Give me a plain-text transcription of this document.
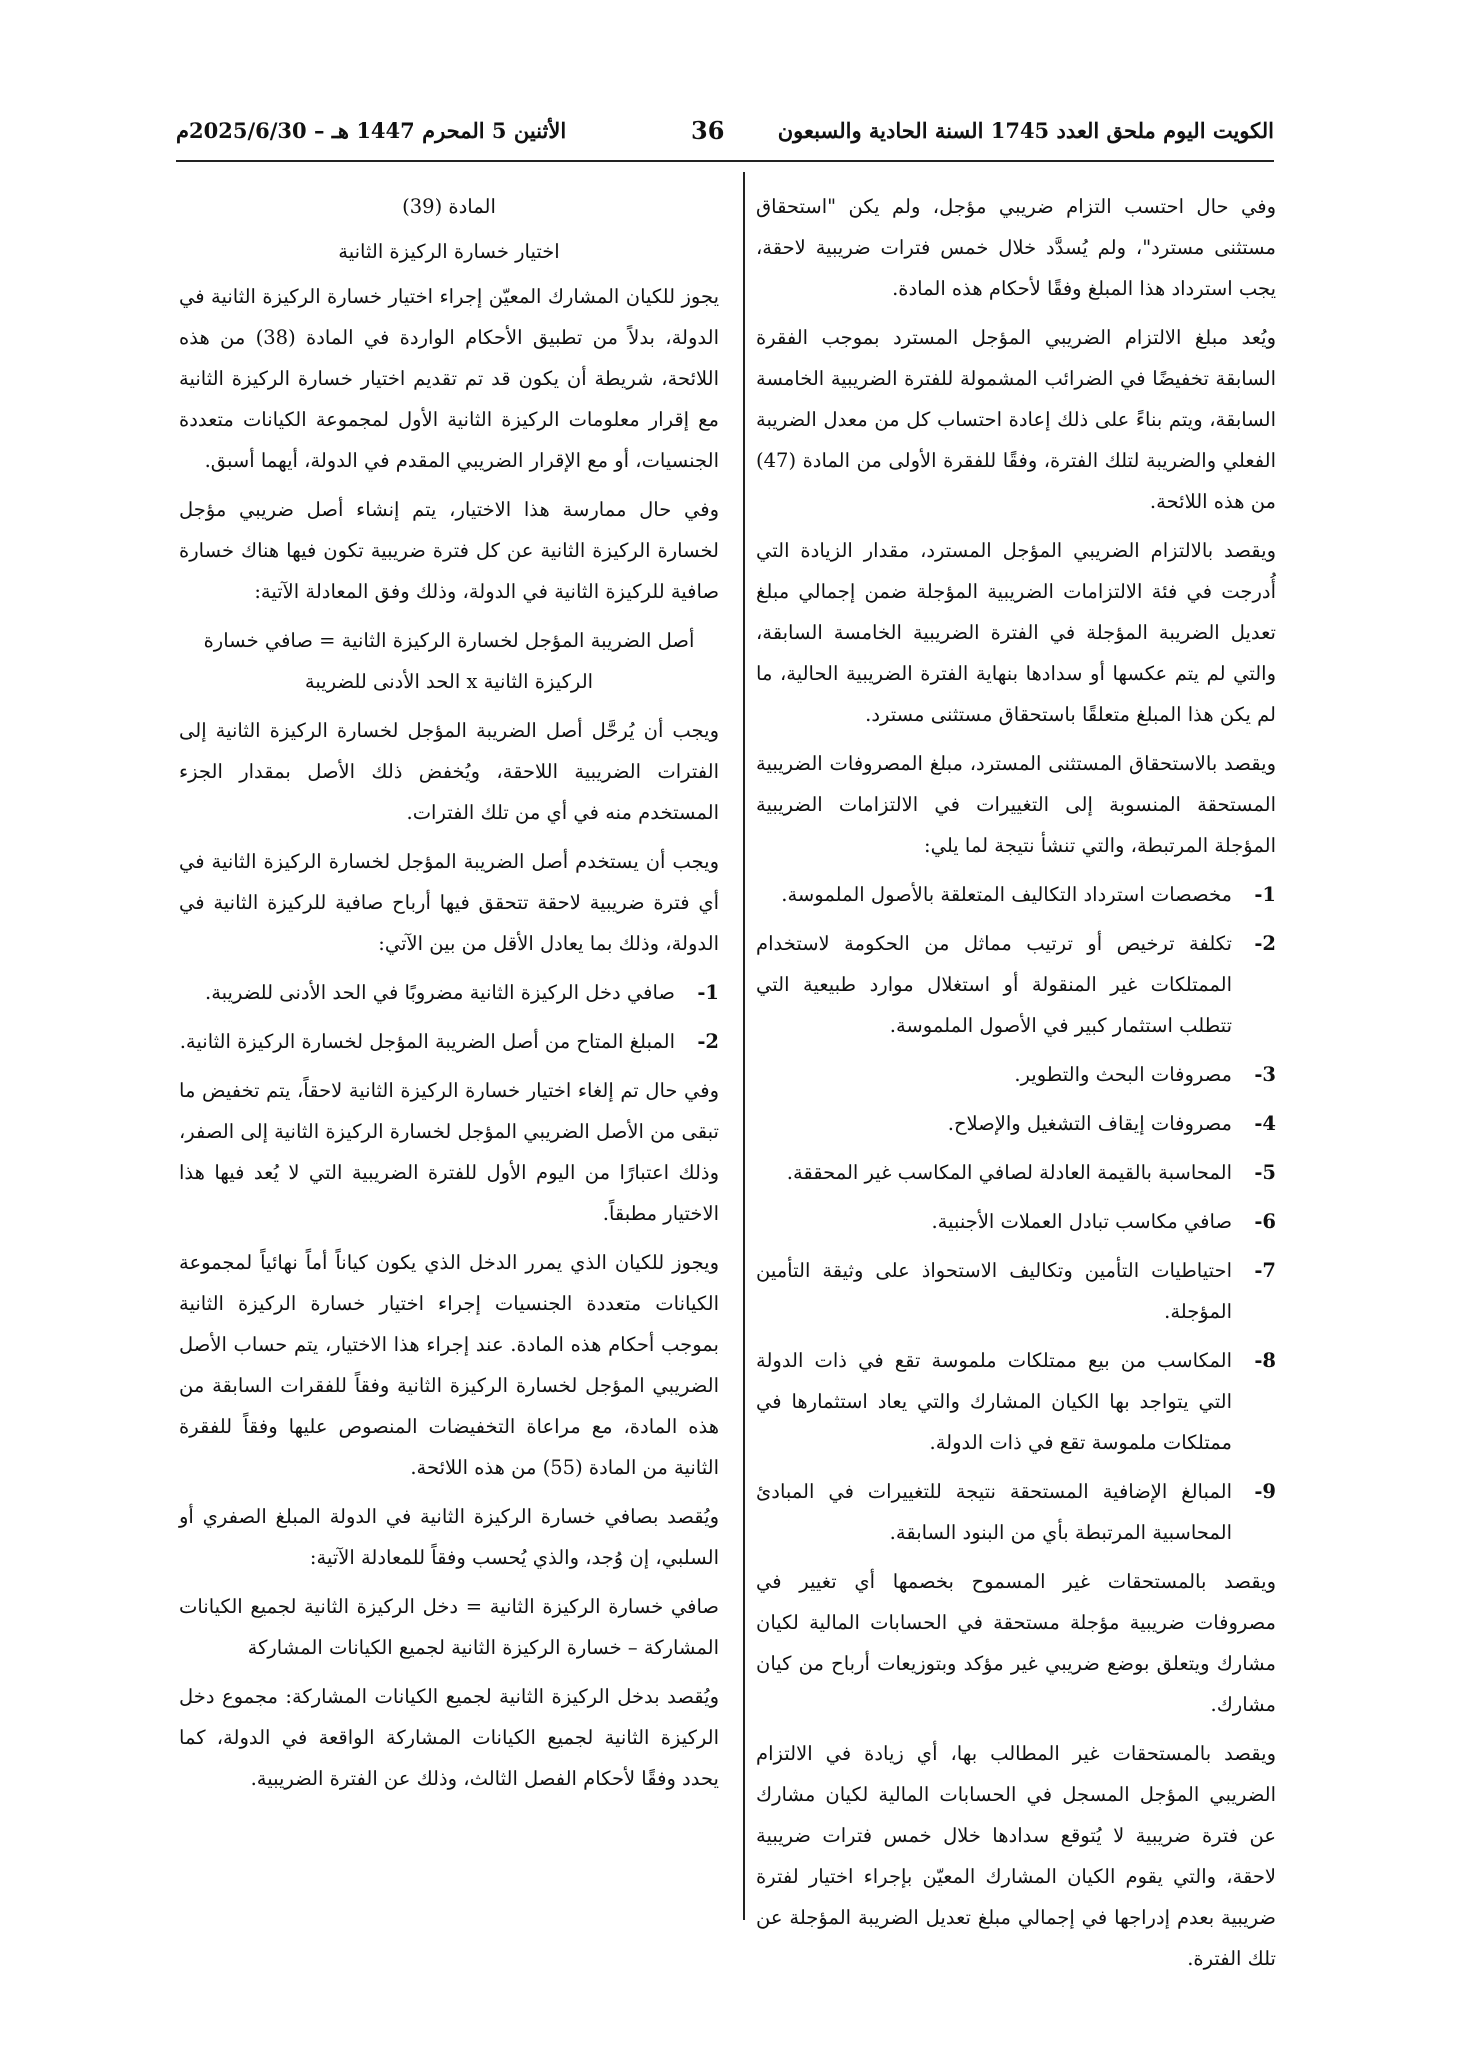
الكويت اليوم ملحق العدد 1745 السنة الحادية والسبعون
36
الأثنين 5 المحرم 1447 هـ – 2025/6/30م

وفي حال احتسب التزام ضريبي مؤجل، ولم يكن "استحقاق مستثنى مسترد"، ولم يُسدَّد خلال خمس فترات ضريبية لاحقة، يجب استرداد هذا المبلغ وفقًا لأحكام هذه المادة.

ويُعد مبلغ الالتزام الضريبي المؤجل المسترد بموجب الفقرة السابقة تخفيضًا في الضرائب المشمولة للفترة الضريبية الخامسة السابقة، ويتم بناءً على ذلك إعادة احتساب كل من معدل الضريبة الفعلي والضريبة لتلك الفترة، وفقًا للفقرة الأولى من المادة (47) من هذه اللائحة.

ويقصد بالالتزام الضريبي المؤجل المسترد، مقدار الزيادة التي أُدرجت في فئة الالتزامات الضريبية المؤجلة ضمن إجمالي مبلغ تعديل الضريبة المؤجلة في الفترة الضريبية الخامسة السابقة، والتي لم يتم عكسها أو سدادها بنهاية الفترة الضريبية الحالية، ما لم يكن هذا المبلغ متعلقًا باستحقاق مستثنى مسترد.

ويقصد بالاستحقاق المستثنى المسترد، مبلغ المصروفات الضريبية المستحقة المنسوبة إلى التغييرات في الالتزامات الضريبية المؤجلة المرتبطة، والتي تنشأ نتيجة لما يلي:

1-
مخصصات استرداد التكاليف المتعلقة بالأصول الملموسة.
2-
تكلفة ترخيص أو ترتيب مماثل من الحكومة لاستخدام الممتلكات غير المنقولة أو استغلال موارد طبيعية التي تتطلب استثمار كبير في الأصول الملموسة.
3-
مصروفات البحث والتطوير.
4-
مصروفات إيقاف التشغيل والإصلاح.
5-
المحاسبة بالقيمة العادلة لصافي المكاسب غير المحققة.
6-
صافي مكاسب تبادل العملات الأجنبية.
7-
احتياطيات التأمين وتكاليف الاستحواذ على وثيقة التأمين المؤجلة.
8-
المكاسب من بيع ممتلكات ملموسة تقع في ذات الدولة التي يتواجد بها الكيان المشارك والتي يعاد استثمارها في ممتلكات ملموسة تقع في ذات الدولة.
9-
المبالغ الإضافية المستحقة نتيجة للتغييرات في المبادئ المحاسبية المرتبطة بأي من البنود السابقة.

ويقصد بالمستحقات غير المسموح بخصمها أي تغيير في مصروفات ضريبية مؤجلة مستحقة في الحسابات المالية لكيان مشارك ويتعلق بوضع ضريبي غير مؤكد وبتوزيعات أرباح من كيان مشارك.

ويقصد بالمستحقات غير المطالب بها، أي زيادة في الالتزام الضريبي المؤجل المسجل في الحسابات المالية لكيان مشارك عن فترة ضريبية لا يُتوقع سدادها خلال خمس فترات ضريبية لاحقة، والتي يقوم الكيان المشارك المعيّن بإجراء اختيار لفترة ضريبية بعدم إدراجها في إجمالي مبلغ تعديل الضريبة المؤجلة عن تلك الفترة.

المادة (39)

اختيار خسارة الركيزة الثانية

يجوز للكيان المشارك المعيّن إجراء اختيار خسارة الركيزة الثانية في الدولة، بدلاً من تطبيق الأحكام الواردة في المادة (38) من هذه اللائحة، شريطة أن يكون قد تم تقديم اختيار خسارة الركيزة الثانية مع إقرار معلومات الركيزة الثانية الأول لمجموعة الكيانات متعددة الجنسيات، أو مع الإقرار الضريبي المقدم في الدولة، أيهما أسبق.

وفي حال ممارسة هذا الاختيار، يتم إنشاء أصل ضريبي مؤجل لخسارة الركيزة الثانية عن كل فترة ضريبية تكون فيها هناك خسارة صافية للركيزة الثانية في الدولة، وذلك وفق المعادلة الآتية:

أصل الضريبة المؤجل لخسارة الركيزة الثانية = صافي خسارة الركيزة الثانية x الحد الأدنى للضريبة

ويجب أن يُرحَّل أصل الضريبة المؤجل لخسارة الركيزة الثانية إلى الفترات الضريبية اللاحقة، ويُخفض ذلك الأصل بمقدار الجزء المستخدم منه في أي من تلك الفترات.

ويجب أن يستخدم أصل الضريبة المؤجل لخسارة الركيزة الثانية في أي فترة ضريبية لاحقة تتحقق فيها أرباح صافية للركيزة الثانية في الدولة، وذلك بما يعادل الأقل من بين الآتي:

1-
صافي دخل الركيزة الثانية مضروبًا في الحد الأدنى للضريبة.
2-
المبلغ المتاح من أصل الضريبة المؤجل لخسارة الركيزة الثانية.

وفي حال تم إلغاء اختيار خسارة الركيزة الثانية لاحقاً، يتم تخفيض ما تبقى من الأصل الضريبي المؤجل لخسارة الركيزة الثانية إلى الصفر، وذلك اعتبارًا من اليوم الأول للفترة الضريبية التي لا يُعد فيها هذا الاختيار مطبقاً.

ويجوز للكيان الذي يمرر الدخل الذي يكون كياناً أماً نهائياً لمجموعة الكيانات متعددة الجنسيات إجراء اختيار خسارة الركيزة الثانية بموجب أحكام هذه المادة. عند إجراء هذا الاختيار، يتم حساب الأصل الضريبي المؤجل لخسارة الركيزة الثانية وفقاً للفقرات السابقة من هذه المادة، مع مراعاة التخفيضات المنصوص عليها وفقاً للفقرة الثانية من المادة (55) من هذه اللائحة.

ويُقصد بصافي خسارة الركيزة الثانية في الدولة المبلغ الصفري أو السلبي، إن وُجد، والذي يُحسب وفقاً للمعادلة الآتية:

صافي خسارة الركيزة الثانية = دخل الركيزة الثانية لجميع الكيانات المشاركة – خسارة الركيزة الثانية لجميع الكيانات المشاركة

ويُقصد بدخل الركيزة الثانية لجميع الكيانات المشاركة: مجموع دخل الركيزة الثانية لجميع الكيانات المشاركة الواقعة في الدولة، كما يحدد وفقًا لأحكام الفصل الثالث، وذلك عن الفترة الضريبية.
